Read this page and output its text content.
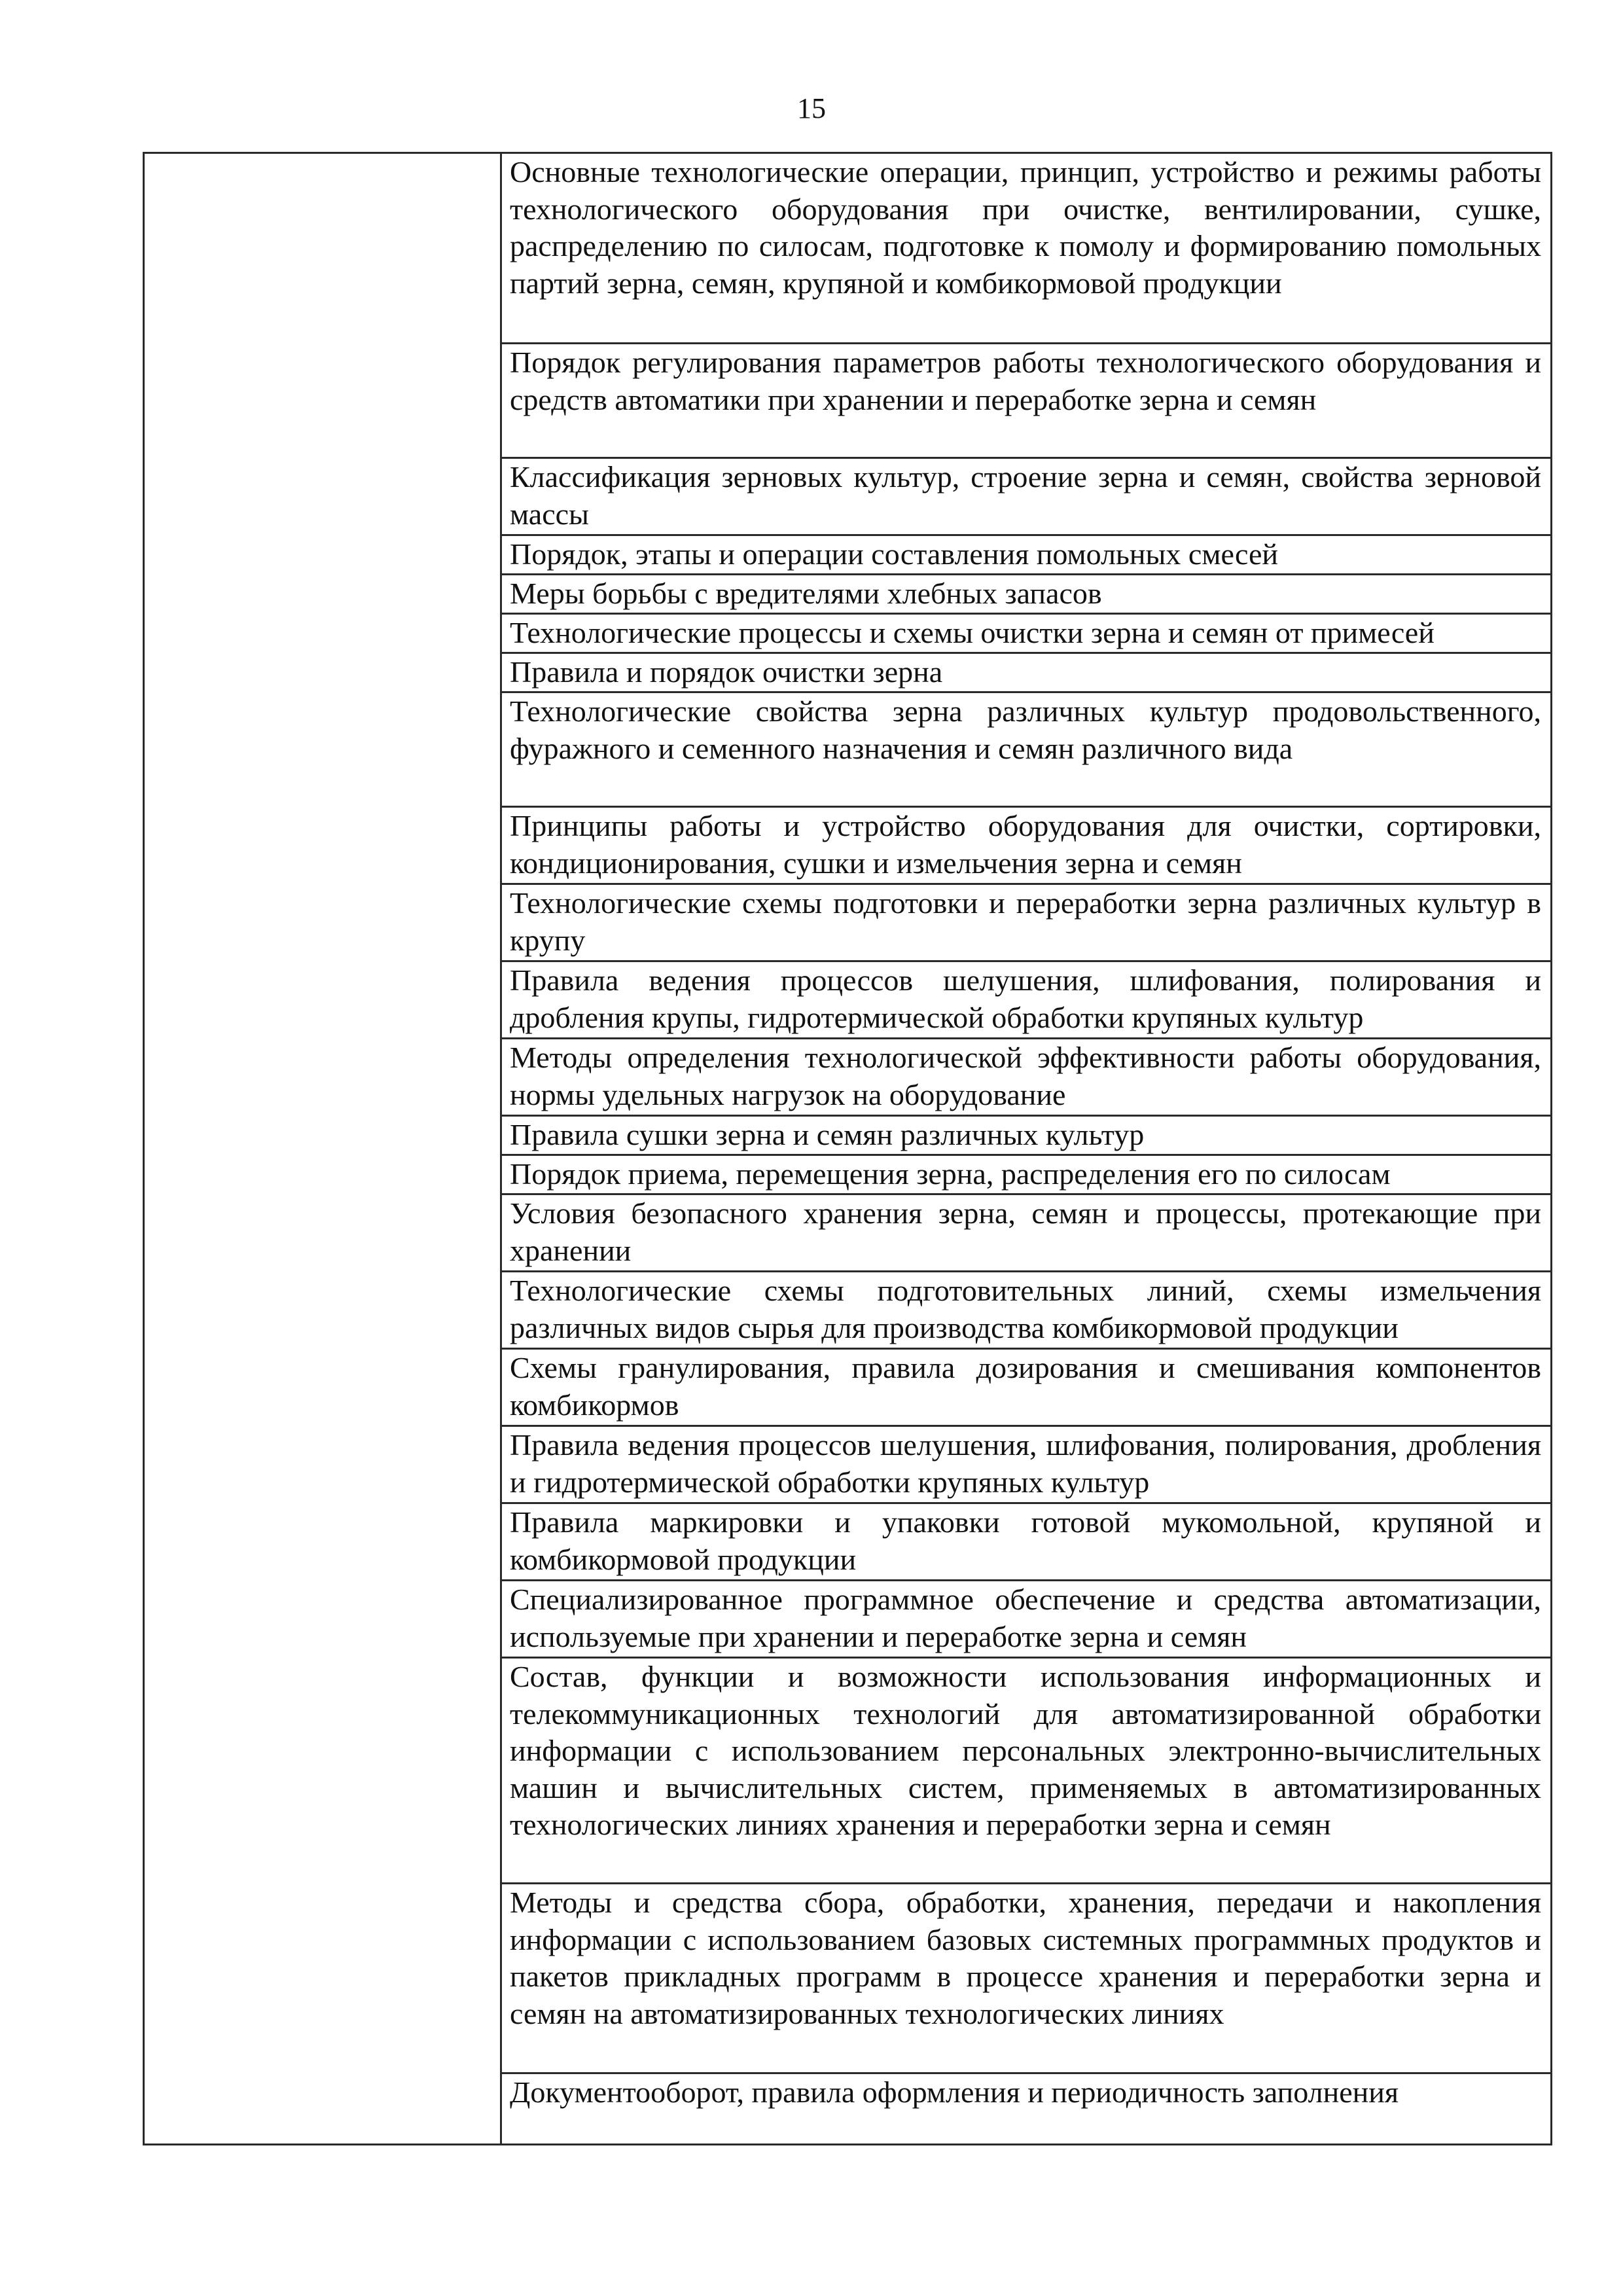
15
Основные технологические операции, принцип, устройство и режимы работы технологического оборудования при очистке, вентилировании, сушке, распределению по силосам, подготовке к помолу и формированию помольных партий зерна, семян, крупяной и комбикормовой продукции
Порядок регулирования параметров работы технологического оборудования и средств автоматики при хранении и переработке зерна и семян
Классификация зерновых культур, строение зерна и семян, свойства зерновой массы
Порядок, этапы и операции составления помольных смесей
Меры борьбы с вредителями хлебных запасов
Технологические процессы и схемы очистки зерна и семян от примесей
Правила и порядок очистки зерна
Технологические свойства зерна различных культур продовольственного, фуражного и семенного назначения и семян различного вида
Принципы работы и устройство оборудования для очистки, сортировки, кондиционирования, сушки и измельчения зерна и семян
Технологические схемы подготовки и переработки зерна различных культур в крупу
Правила ведения процессов шелушения, шлифования, полирования и дробления крупы, гидротермической обработки крупяных культур
Методы определения технологической эффективности работы оборудования, нормы удельных нагрузок на оборудование
Правила сушки зерна и семян различных культур
Порядок приема, перемещения зерна, распределения его по силосам
Условия безопасного хранения зерна, семян и процессы, протекающие при хранении
Технологические схемы подготовительных линий, схемы измельчения различных видов сырья для производства комбикормовой продукции
Схемы гранулирования, правила дозирования и смешивания компонентов комбикормов
Правила ведения процессов шелушения, шлифования, полирования, дробления и гидротермической обработки крупяных культур
Правила маркировки и упаковки готовой мукомольной, крупяной и комбикормовой продукции
Специализированное программное обеспечение и средства автоматизации, используемые при хранении и переработке зерна и семян
Состав, функции и возможности использования информационных и телекоммуникационных технологий для автоматизированной обработки информации с использованием персональных электронно-вычислительных машин и вычислительных систем, применяемых в автоматизированных технологических линиях хранения и переработки зерна и семян
Методы и средства сбора, обработки, хранения, передачи и накопления информации с использованием базовых системных программных продуктов и пакетов прикладных программ в процессе хранения и переработки зерна и семян на автоматизированных технологических линиях
Документооборот, правила оформления и периодичность заполнения
